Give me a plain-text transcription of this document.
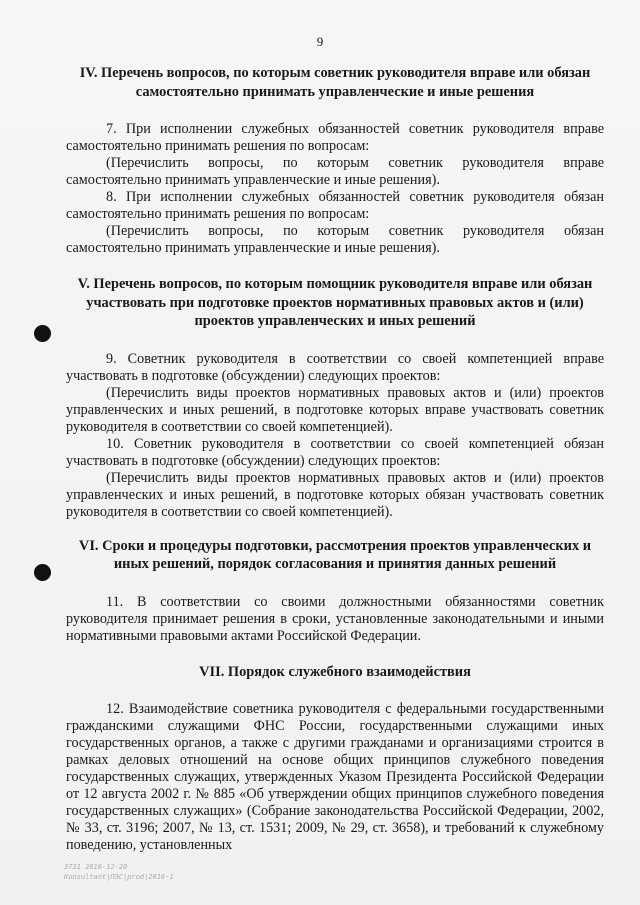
9
IV. Перечень вопросов, по которым советник руководителя вправе или обязан самостоятельно принимать управленческие и иные решения

7. При исполнении служебных обязанностей советник руководителя вправе самостоятельно принимать решения по вопросам:

(Перечислить вопросы, по которым советник руководителя вправе самостоятельно принимать управленческие и иные решения).

8. При исполнении служебных обязанностей советник руководителя обязан самостоятельно принимать решения по вопросам:

(Перечислить вопросы, по которым советник руководителя обязан самостоятельно принимать управленческие и иные решения).

V. Перечень вопросов, по которым помощник руководителя вправе или обязан участвовать при подготовке проектов нормативных правовых актов и (или) проектов управленческих и иных решений

9. Советник руководителя в соответствии со своей компетенцией вправе участвовать в подготовке (обсуждении) следующих проектов:

(Перечислить виды проектов нормативных правовых актов и (или) проектов управленческих и иных решений, в подготовке которых вправе участвовать советник руководителя в соответствии со своей компетенцией).

10. Советник руководителя в соответствии со своей компетенцией обязан участвовать в подготовке (обсуждении) следующих проектов:

(Перечислить виды проектов нормативных правовых актов и (или) проектов управленческих и иных решений, в подготовке которых обязан участвовать советник руководителя в соответствии со своей компетенцией).

VI. Сроки и процедуры подготовки, рассмотрения проектов управленческих и иных решений, порядок согласования и принятия данных решений

11. В соответствии со своими должностными обязанностями советник руководителя принимает решения в сроки, установленные законодательными и иными нормативными правовыми актами Российской Федерации.

VII. Порядок служебного взаимодействия

12. Взаимодействие советника руководителя с федеральными государственными гражданскими служащими ФНС России, государственными служащими иных государственных органов, а также с другими гражданами и организациями строится в рамках деловых отношений на основе общих принципов служебного поведения государственных служащих, утвержденных Указом Президента Российской Федерации от 12 августа 2002 г. № 885 «Об утверждении общих принципов служебного поведения государственных служащих» (Собрание законодательства Российской Федерации, 2002, № 33, ст. 3196; 2007, № 13, ст. 1531; 2009, № 29, ст. 3658), и требований к служебному поведению, установленных

3731 2016-12-20
Konsultant|ПЭС|prod|2016-1
